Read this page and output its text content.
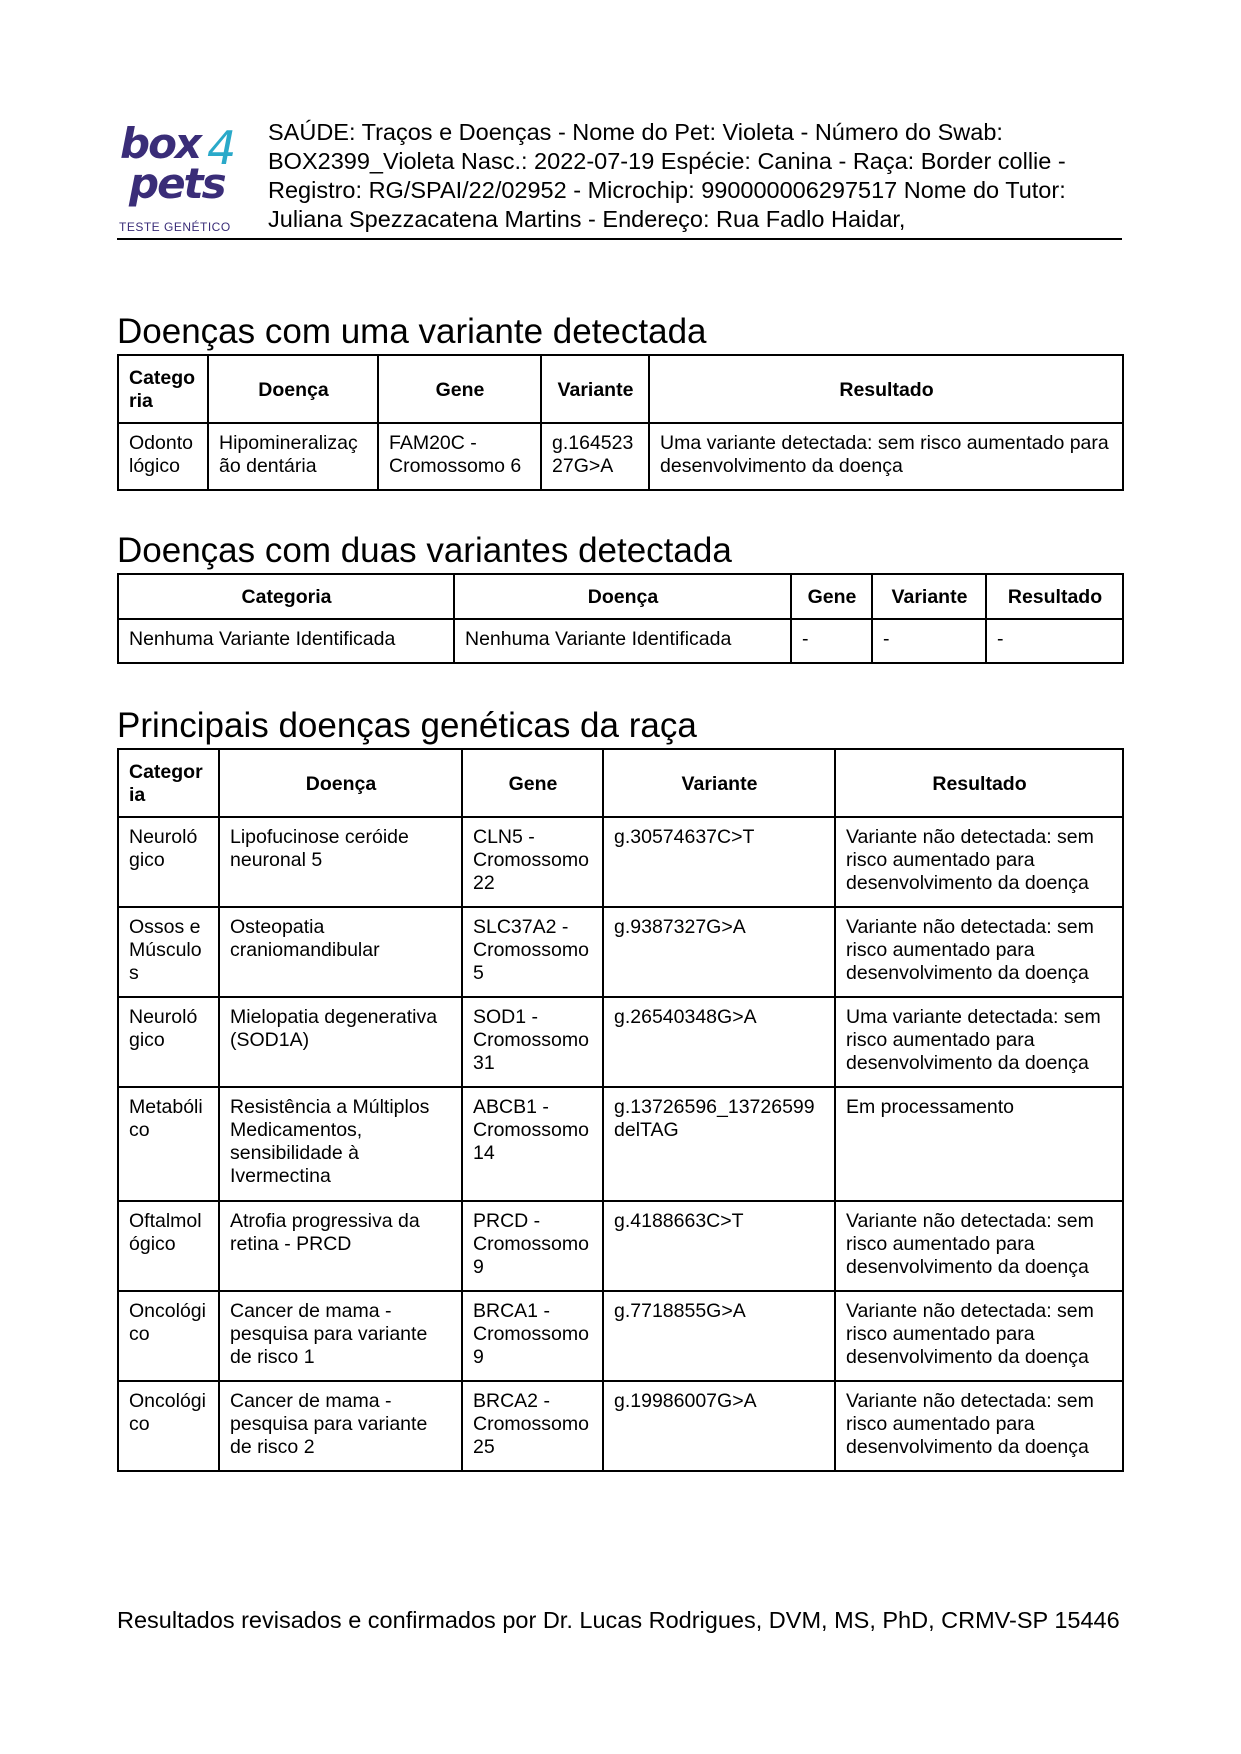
box 4
pets
TESTE GENÉTICO
SAÚDE: Traços e Doenças - Nome do Pet: Violeta - Número do Swab: BOX2399_Violeta Nasc.: 2022-07-19 Espécie: Canina - Raça: Border collie - Registro: RG/SPAI/22/02952 - Microchip: 990000006297517 Nome do Tutor: Juliana Spezzacatena Martins - Endereço: Rua Fadlo Haidar,
Doenças com uma variante detectada
Catego ria	Doença	Gene	Variante	Resultado
Odonto lógico	Hipomineralizaç ão dentária	FAM20C - Cromossomo 6	g.164523 27G>A	Uma variante detectada: sem risco aumentado para desenvolvimento da doença
Doenças com duas variantes detectada
Categoria	Doença	Gene	Variante	Resultado
Nenhuma Variante Identificada	Nenhuma Variante Identificada	-	-	-
Principais doenças genéticas da raça
Categor ia	Doença	Gene	Variante	Resultado
Neuroló gico	Lipofucinose ceróide neuronal 5	CLN5 - Cromossomo 22	g.30574637C>T	Variante não detectada: sem risco aumentado para desenvolvimento da doença
Ossos e Músculo s	Osteopatia craniomandibular	SLC37A2 - Cromossomo 5	g.9387327G>A	Variante não detectada: sem risco aumentado para desenvolvimento da doença
Neuroló gico	Mielopatia degenerativa (SOD1A)	SOD1 - Cromossomo 31	g.26540348G>A	Uma variante detectada: sem risco aumentado para desenvolvimento da doença
Metabóli co	Resistência a Múltiplos Medicamentos, sensibilidade à Ivermectina	ABCB1 - Cromossomo 14	g.13726596_13726599 delTAG	Em processamento
Oftalmol ógico	Atrofia progressiva da retina - PRCD	PRCD - Cromossomo 9	g.4188663C>T	Variante não detectada: sem risco aumentado para desenvolvimento da doença
Oncológi co	Cancer de mama - pesquisa para variante de risco 1	BRCA1 - Cromossomo 9	g.7718855G>A	Variante não detectada: sem risco aumentado para desenvolvimento da doença
Oncológi co	Cancer de mama - pesquisa para variante de risco 2	BRCA2 - Cromossomo 25	g.19986007G>A	Variante não detectada: sem risco aumentado para desenvolvimento da doença
Resultados revisados e confirmados por Dr. Lucas Rodrigues, DVM, MS, PhD, CRMV-SP 15446
